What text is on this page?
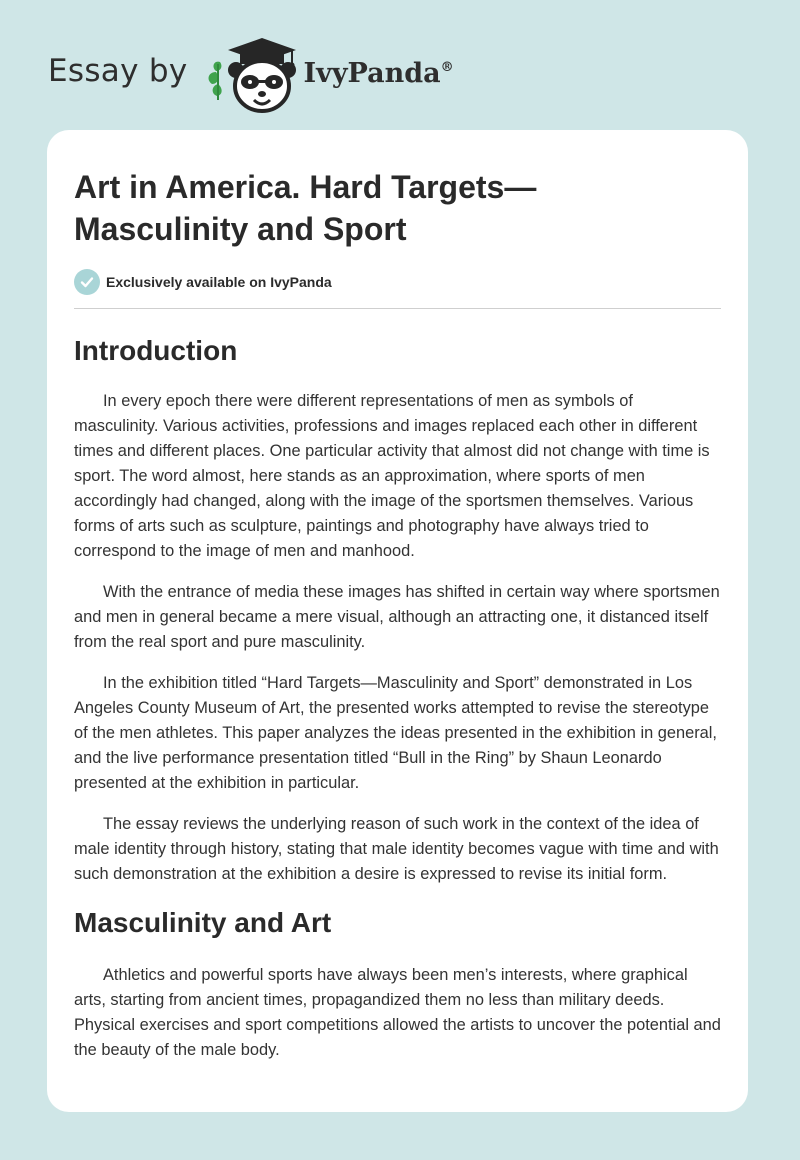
Essay by	IvyPanda®
Art in America. Hard Targets—Masculinity and Sport
Exclusively available on IvyPanda
Introduction

In every epoch there were different representations of men as symbols of masculinity. Various activities, professions and images replaced each other in different times and different places. One particular activity that almost did not change with time is sport. The word almost, here stands as an approximation, where sports of men accordingly had changed, along with the image of the sportsmen themselves. Various forms of arts such as sculpture, paintings and photography have always tried to correspond to the image of men and manhood.

With the entrance of media these images has shifted in certain way where sportsmen and men in general became a mere visual, although an attracting one, it distanced itself from the real sport and pure masculinity.

In the exhibition titled “Hard Targets—Masculinity and Sport” demonstrated in Los Angeles County Museum of Art, the presented works attempted to revise the stereotype of the men athletes. This paper analyzes the ideas presented in the exhibition in general, and the live performance presentation titled “Bull in the Ring” by Shaun Leonardo presented at the exhibition in particular.

The essay reviews the underlying reason of such work in the context of the idea of male identity through history, stating that male identity becomes vague with time and with such demonstration at the exhibition a desire is expressed to revise its initial form.

Masculinity and Art

Athletics and powerful sports have always been men’s interests, where graphical arts, starting from ancient times, propagandized them no less than military deeds. Physical exercises and sport competitions allowed the artists to uncover the potential and the beauty of the male body.
